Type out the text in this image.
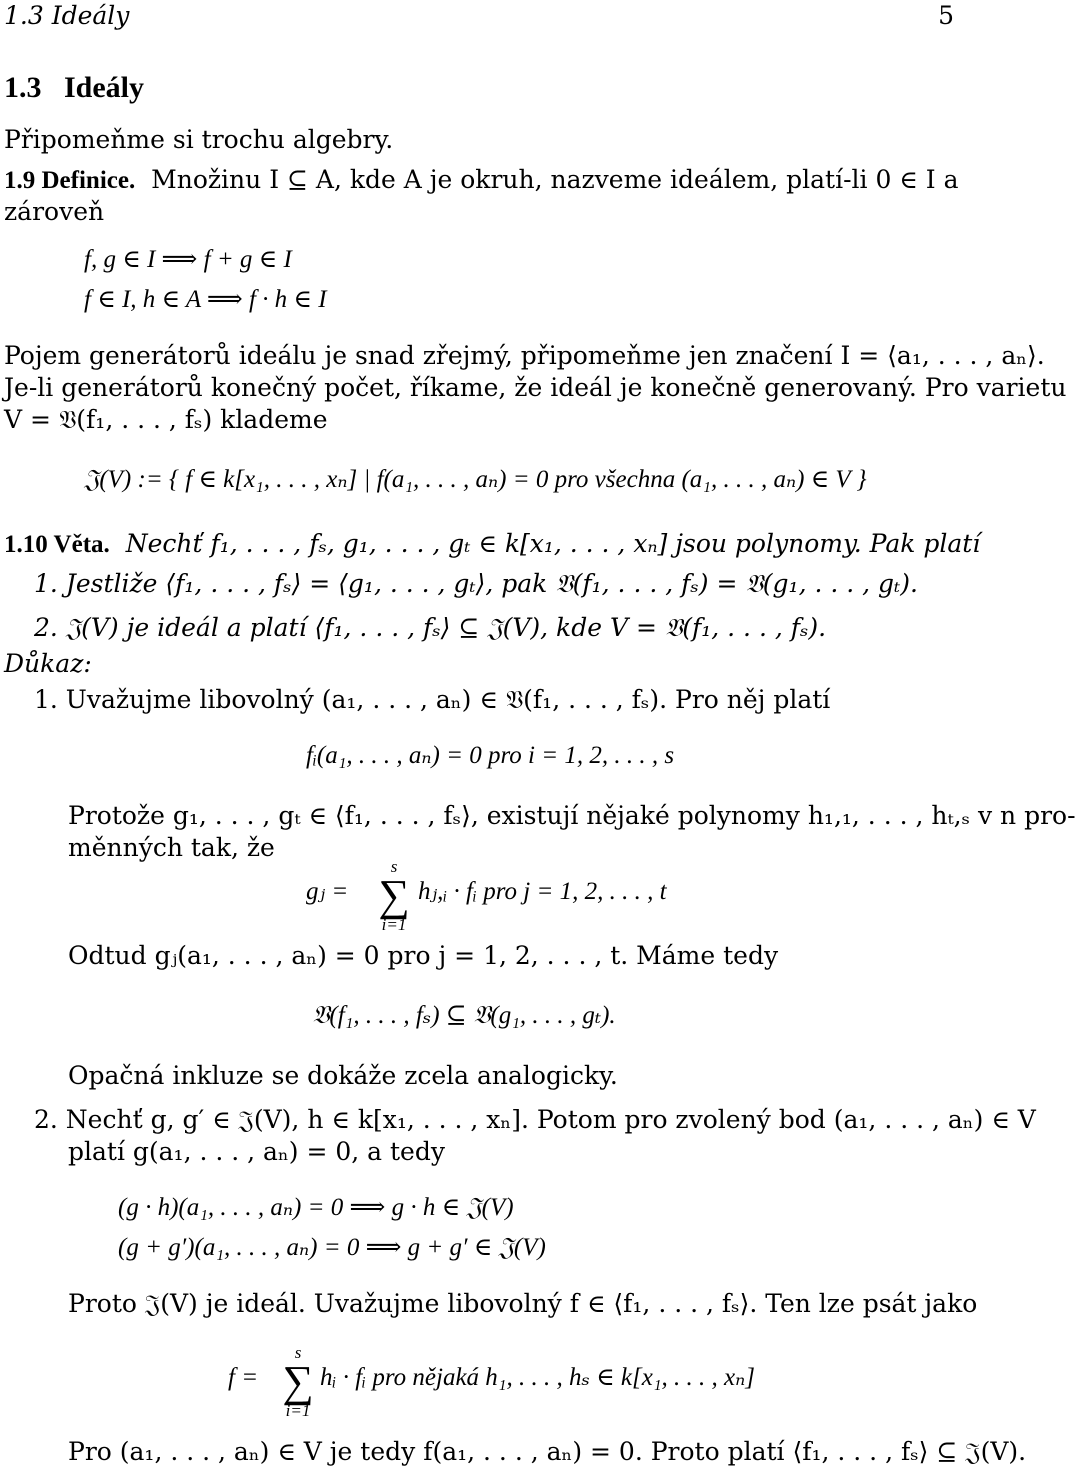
1.3 Ideály	5
1.3 Ideály
Připomeňme si trochu algebry.
1.9 Definice. Množinu I ⊆ A, kde A je okruh, nazveme ideálem, platí-li 0 ∈ I a
zároveň
f, g ∈ I ⟹ f + g ∈ I
f ∈ I, h ∈ A ⟹ f · h ∈ I
Pojem generátorů ideálu je snad zřejmý, připomeňme jen značení I = ⟨a₁, . . . , aₙ⟩.
Je-li generátorů konečný počet, říkame, že ideál je konečně generovaný. Pro varietu
V = 𝔙(f₁, . . . , fₛ) klademe
𝔍(V) := { f ∈ k[x₁, . . . , xₙ] | f(a₁, . . . , aₙ) = 0 pro všechna (a₁, . . . , aₙ) ∈ V }
1.10 Věta. Nechť f₁, . . . , fₛ, g₁, . . . , gₜ ∈ k[x₁, . . . , xₙ] jsou polynomy. Pak platí
1. Jestliže ⟨f₁, . . . , fₛ⟩ = ⟨g₁, . . . , gₜ⟩, pak 𝔙(f₁, . . . , fₛ) = 𝔙(g₁, . . . , gₜ).
2. 𝔍(V) je ideál a platí ⟨f₁, . . . , fₛ⟩ ⊆ 𝔍(V), kde V = 𝔙(f₁, . . . , fₛ).
Důkaz:
1. Uvažujme libovolný (a₁, . . . , aₙ) ∈ 𝔙(f₁, . . . , fₛ). Pro něj platí
fᵢ(a₁, . . . , aₙ) = 0 pro i = 1, 2, . . . , s
Protože g₁, . . . , gₜ ∈ ⟨f₁, . . . , fₛ⟩, existují nějaké polynomy h₁,₁, . . . , hₜ,ₛ v n pro-
měnných tak, že
gⱼ =
s
∑
i=1
hⱼ,ᵢ · fᵢ pro j = 1, 2, . . . , t
Odtud gⱼ(a₁, . . . , aₙ) = 0 pro j = 1, 2, . . . , t. Máme tedy
𝔙(f₁, . . . , fₛ) ⊆ 𝔙(g₁, . . . , gₜ).
Opačná inkluze se dokáže zcela analogicky.
2. Nechť g, g′ ∈ 𝔍(V), h ∈ k[x₁, . . . , xₙ]. Potom pro zvolený bod (a₁, . . . , aₙ) ∈ V
platí g(a₁, . . . , aₙ) = 0, a tedy
(g · h)(a₁, . . . , aₙ) = 0 ⟹ g · h ∈ 𝔍(V)
(g + g′)(a₁, . . . , aₙ) = 0 ⟹ g + g′ ∈ 𝔍(V)
Proto 𝔍(V) je ideál. Uvažujme libovolný f ∈ ⟨f₁, . . . , fₛ⟩. Ten lze psát jako
f =
s
∑
i=1
hᵢ · fᵢ pro nějaká h₁, . . . , hₛ ∈ k[x₁, . . . , xₙ]
Pro (a₁, . . . , aₙ) ∈ V je tedy f(a₁, . . . , aₙ) = 0. Proto platí ⟨f₁, . . . , fₛ⟩ ⊆ 𝔍(V).
